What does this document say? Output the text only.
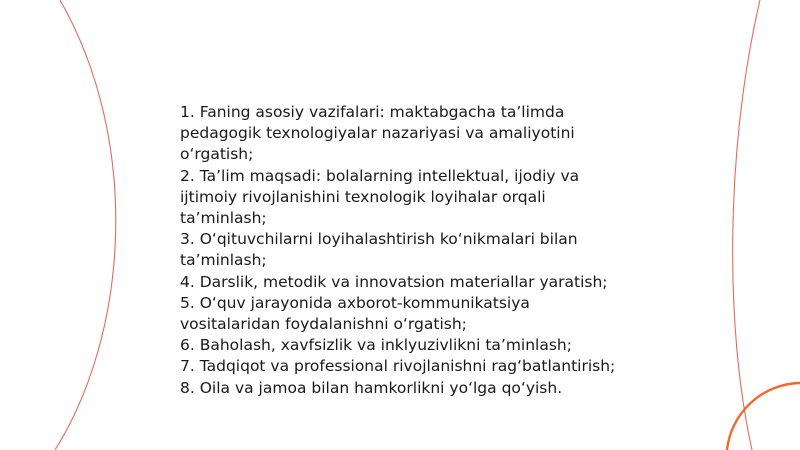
1. Faning asosiy vazifalari: maktabgacha taʼlimda pedagogik texnologiyalar nazariyasi va amaliyotini oʻrgatish;

2. Taʼlim maqsadi: bolalarning intellektual, ijodiy va ijtimoiy rivojlanishini texnologik loyihalar orqali taʼminlash;

3. Oʻqituvchilarni loyihalashtirish koʻnikmalari bilan taʼminlash;

4. Darslik, metodik va innovatsion materiallar yaratish;

5. Oʻquv jarayonida axborot-kommunikatsiya vositalaridan foydalanishni oʻrgatish;

6. Baholash, xavfsizlik va inklyuzivlikni taʼminlash;

7. Tadqiqot va professional rivojlanishni ragʻbatlantirish;

8. Oila va jamoa bilan hamkorlikni yoʻlga qoʻyish.
